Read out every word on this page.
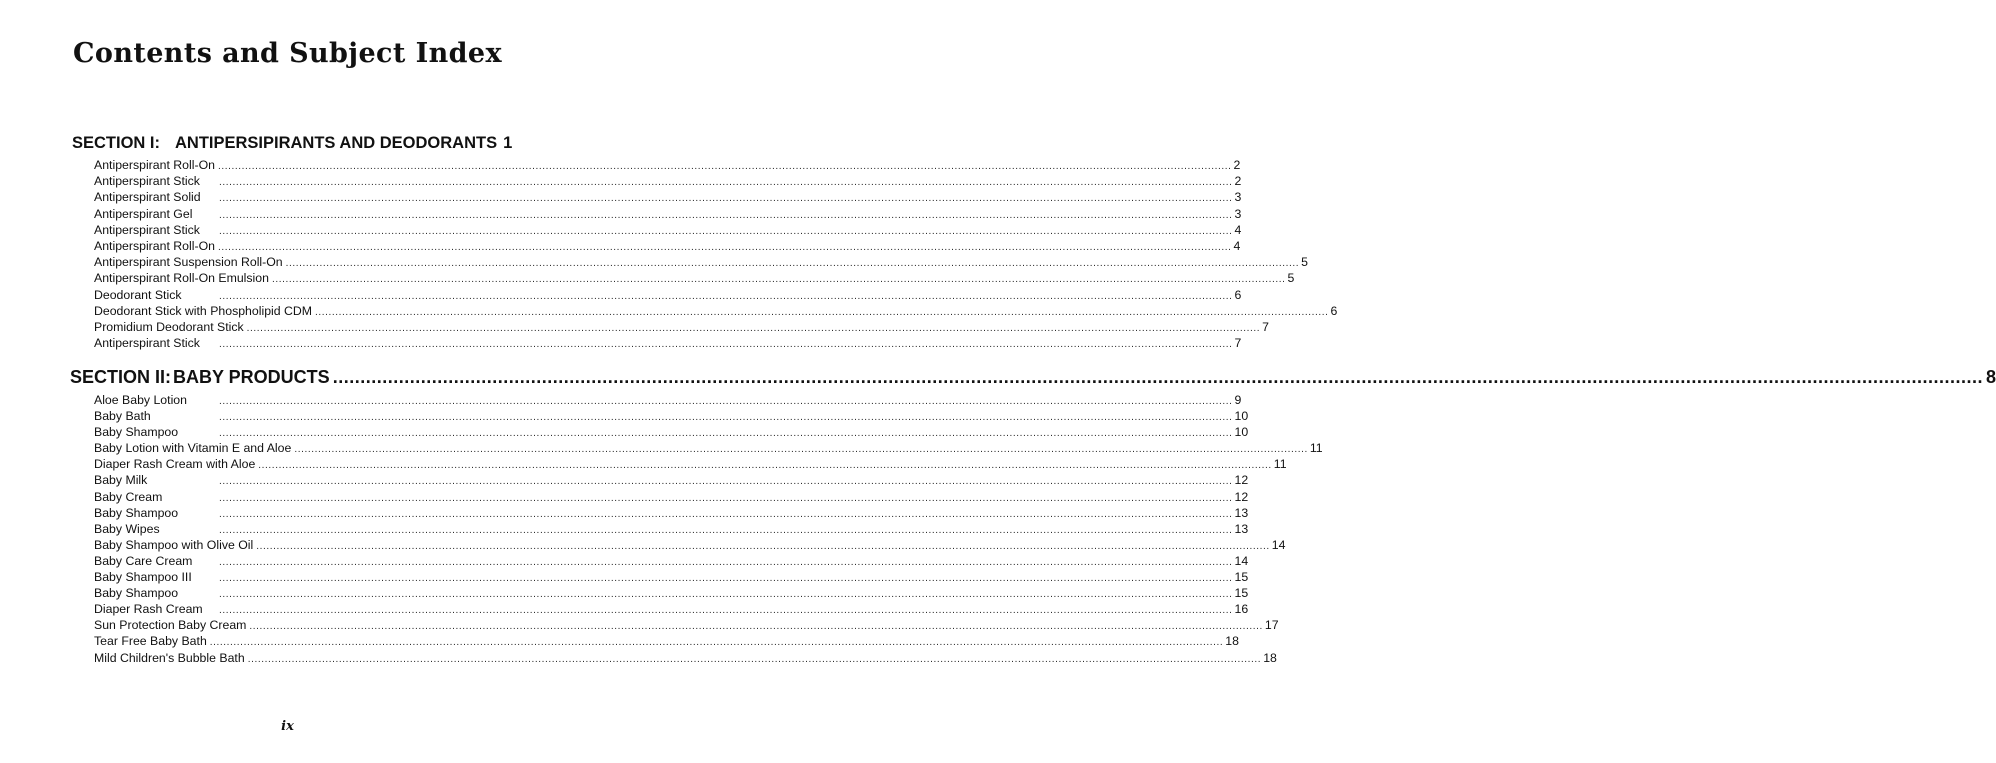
Contents and Subject Index
SECTION I: ANTIPERSIPIRANTS AND DEODORANTS 1
Antiperspirant Roll-On ............................................................................................................................................................................................................................................................................................................ 2
Antiperspirant Stick	............................................................................................................................................................................................................................................................................................................ 2
Antiperspirant Solid	............................................................................................................................................................................................................................................................................................................ 3
Antiperspirant Gel	............................................................................................................................................................................................................................................................................................................ 3
Antiperspirant Stick	............................................................................................................................................................................................................................................................................................................ 4
Antiperspirant Roll-On ............................................................................................................................................................................................................................................................................................................ 4
Antiperspirant Suspension Roll-On ............................................................................................................................................................................................................................................................................................................ 5
Antiperspirant Roll-On Emulsion ............................................................................................................................................................................................................................................................................................................ 5
Deodorant Stick	............................................................................................................................................................................................................................................................................................................ 6
Deodorant Stick with Phospholipid CDM ............................................................................................................................................................................................................................................................................................................ 6
Promidium Deodorant Stick ............................................................................................................................................................................................................................................................................................................ 7
Antiperspirant Stick	............................................................................................................................................................................................................................................................................................................ 7
SECTION II: BABY PRODUCTS ............................................................................................................................................................................................................................................................................................................ 8
Aloe Baby Lotion	............................................................................................................................................................................................................................................................................................................ 9
Baby Bath	............................................................................................................................................................................................................................................................................................................ 10
Baby Shampoo	............................................................................................................................................................................................................................................................................................................ 10
Baby Lotion with Vitamin E and Aloe ............................................................................................................................................................................................................................................................................................................ 11
Diaper Rash Cream with Aloe ............................................................................................................................................................................................................................................................................................................ 11
Baby Milk	............................................................................................................................................................................................................................................................................................................ 12
Baby Cream	............................................................................................................................................................................................................................................................................................................ 12
Baby Shampoo	............................................................................................................................................................................................................................................................................................................ 13
Baby Wipes	............................................................................................................................................................................................................................................................................................................ 13
Baby Shampoo with Olive Oil ............................................................................................................................................................................................................................................................................................................ 14
Baby Care Cream	............................................................................................................................................................................................................................................................................................................ 14
Baby Shampoo III	............................................................................................................................................................................................................................................................................................................ 15
Baby Shampoo	............................................................................................................................................................................................................................................................................................................ 15
Diaper Rash Cream	............................................................................................................................................................................................................................................................................................................ 16
Sun Protection Baby Cream ............................................................................................................................................................................................................................................................................................................ 17
Tear Free Baby Bath ............................................................................................................................................................................................................................................................................................................ 18
Mild Children's Bubble Bath ............................................................................................................................................................................................................................................................................................................ 18
ix
